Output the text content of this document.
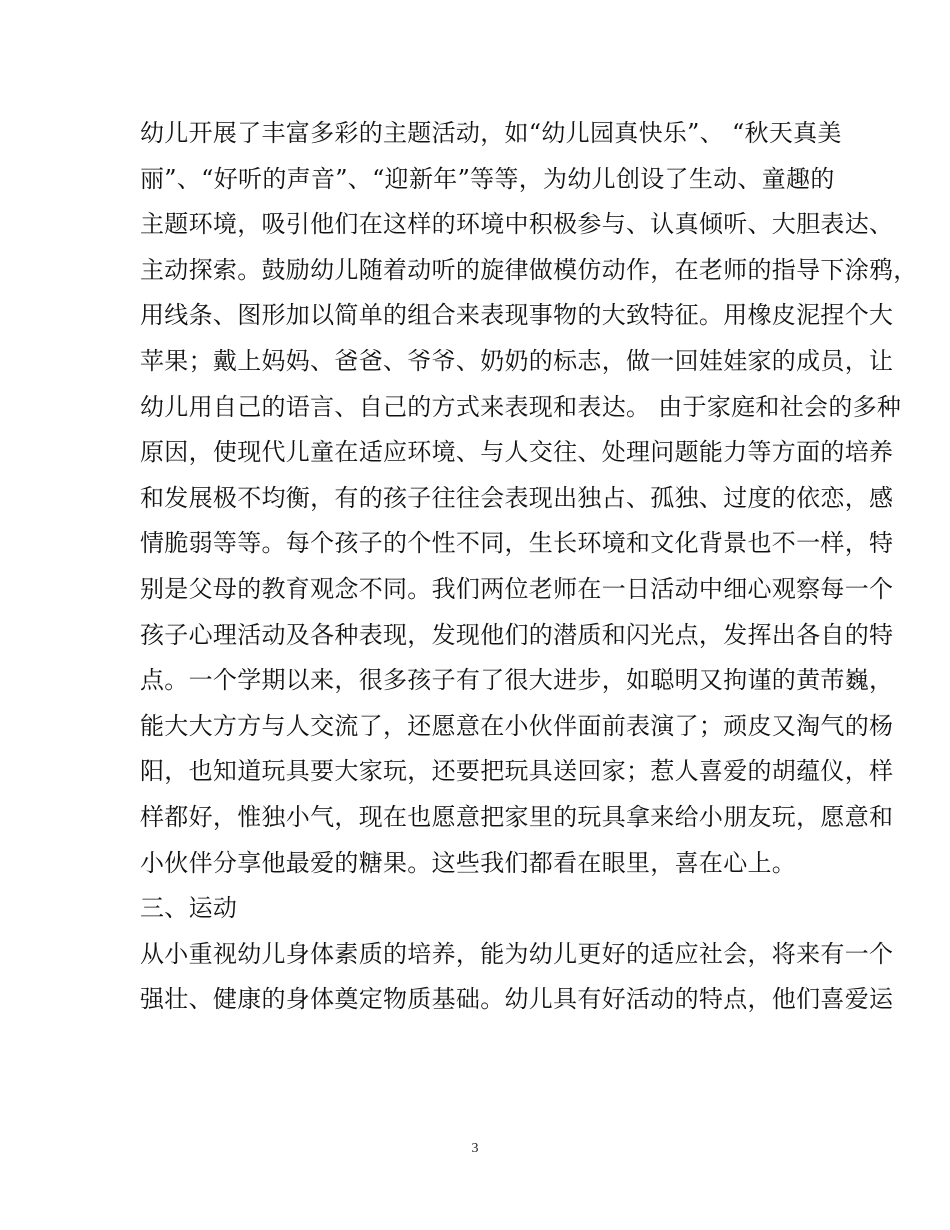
幼儿开展了丰富多彩的主题活动，如“幼儿园真快乐”、 “秋天真美
丽”、“好听的声音”、“迎新年”等等，为幼儿创设了生动、童趣的
主题环境，吸引他们在这样的环境中积极参与、认真倾听、大胆表达、
主动探索。鼓励幼儿随着动听的旋律做模仿动作，在老师的指导下涂鸦，
用线条、图形加以简单的组合来表现事物的大致特征。用橡皮泥捏个大
苹果；戴上妈妈、爸爸、爷爷、奶奶的标志，做一回娃娃家的成员，让
幼儿用自己的语言、自己的方式来表现和表达。 由于家庭和社会的多种
原因，使现代儿童在适应环境、与人交往、处理问题能力等方面的培养
和发展极不均衡，有的孩子往往会表现出独占、孤独、过度的依恋，感
情脆弱等等。每个孩子的个性不同，生长环境和文化背景也不一样，特
别是父母的教育观念不同。我们两位老师在一日活动中细心观察每一个
孩子心理活动及各种表现，发现他们的潜质和闪光点，发挥出各自的特
点。一个学期以来，很多孩子有了很大进步，如聪明又拘谨的黄芾巍，
能大大方方与人交流了，还愿意在小伙伴面前表演了；顽皮又淘气的杨
阳，也知道玩具要大家玩，还要把玩具送回家；惹人喜爱的胡蕴仪，样
样都好，惟独小气，现在也愿意把家里的玩具拿来给小朋友玩，愿意和
小伙伴分享他最爱的糖果。这些我们都看在眼里，喜在心上。
三、运动
从小重视幼儿身体素质的培养，能为幼儿更好的适应社会，将来有一个
强壮、健康的身体奠定物质基础。幼儿具有好活动的特点，他们喜爱运
3
